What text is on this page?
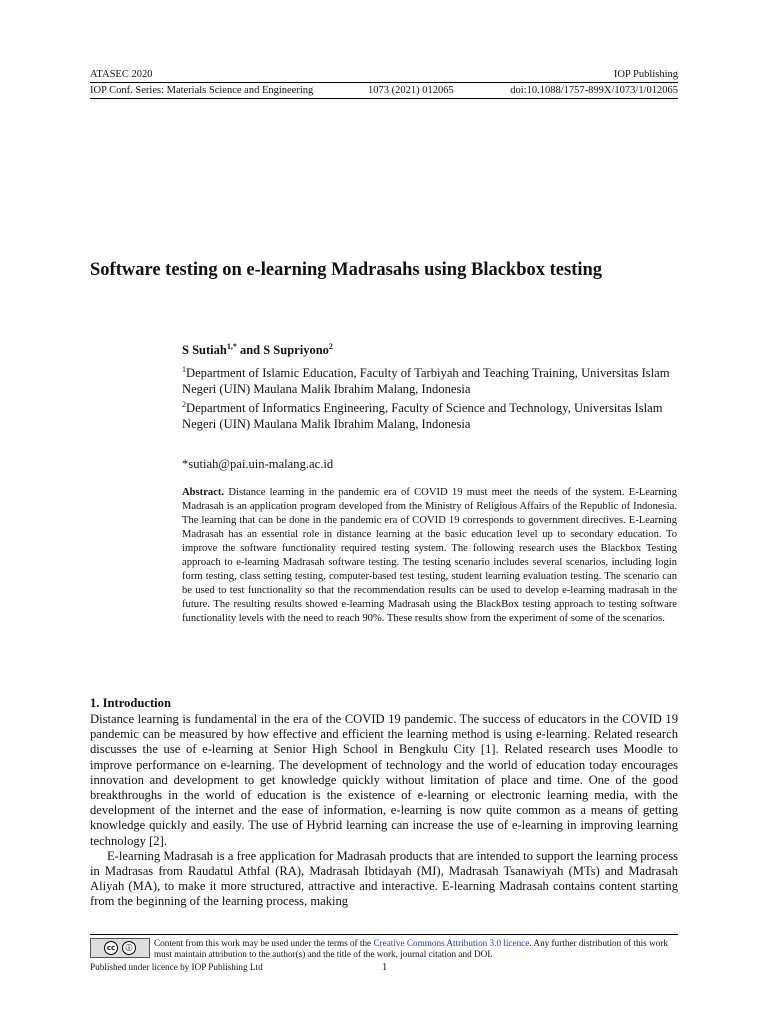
ATASEC 2020	IOP Publishing
IOP Conf. Series: Materials Science and Engineering	1073 (2021) 012065	doi:10.1088/1757-899X/1073/1/012065
Software testing on e-learning Madrasahs using Blackbox testing
S Sutiah$^{1,*}$ and S Supriyono$^2$

$^1$Department of Islamic Education, Faculty of Tarbiyah and Teaching Training, Universitas Islam Negeri (UIN) Maulana Malik Ibrahim Malang, Indonesia

$^2$Department of Informatics Engineering, Faculty of Science and Technology, Universitas Islam Negeri (UIN) Maulana Malik Ibrahim Malang, Indonesia

*sutiah@pai.uin-malang.ac.id
Abstract. Distance learning in the pandemic era of COVID 19 must meet the needs of the system. E-Learning Madrasah is an application program developed from the Ministry of Religious Affairs of the Republic of Indonesia. The learning that can be done in the pandemic era of COVID 19 corresponds to government directives. E-Learning Madrasah has an essential role in distance learning at the basic education level up to secondary education. To improve the software functionality required testing system. The following research uses the Blackbox Testing approach to e-learning Madrasah software testing. The testing scenario includes several scenarios, including login form testing, class setting testing, computer-based test testing, student learning evaluation testing. The scenario can be used to test functionality so that the recommendation results can be used to develop e-learning madrasah in the future. The resulting results showed e-learning Madrasah using the BlackBox testing approach to testing software functionality levels with the need to reach 90%. These results show from the experiment of some of the scenarios.
1. Introduction

Distance learning is fundamental in the era of the COVID 19 pandemic. The success of educators in the COVID 19 pandemic can be measured by how effective and efficient the learning method is using e-learning. Related research discusses the use of e-learning at Senior High School in Bengkulu City [1]. Related research uses Moodle to improve performance on e-learning. The development of technology and the world of education today encourages innovation and development to get knowledge quickly without limitation of place and time. One of the good breakthroughs in the world of education is the existence of e-learning or electronic learning media, with the development of the internet and the ease of information, e-learning is now quite common as a means of getting knowledge quickly and easily. The use of Hybrid learning can increase the use of e-learning in improving learning technology [2].

E-learning Madrasah is a free application for Madrasah products that are intended to support the learning process in Madrasas from Raudatul Athfal (RA), Madrasah Ibtidayah (MI), Madrasah Tsanawiyah (MTs) and Madrasah Aliyah (MA), to make it more structured, attractive and interactive. E-learning Madrasah contains content starting from the beginning of the learning process, making

cc	ⓘ	Content from this work may be used under the terms of the Creative Commons Attribution 3.0 licence. Any further distribution of this work must maintain attribution to the author(s) and the title of the work, journal citation and DOI.
Published under licence by IOP Publishing Ltd	1
